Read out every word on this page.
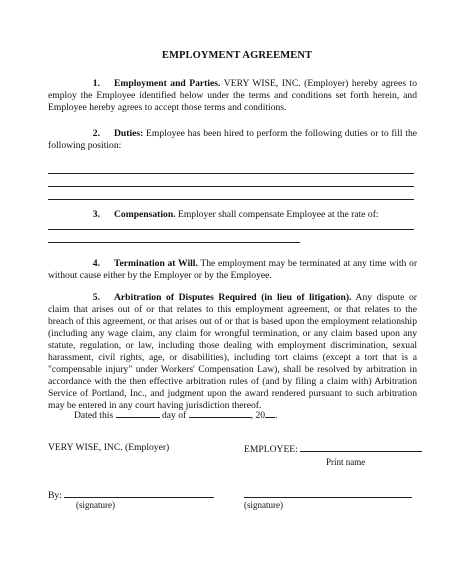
EMPLOYMENT AGREEMENT
1. Employment and Parties. VERY WISE, INC. (Employer) hereby agrees to employ the Employee identified below under the terms and conditions set forth herein, and Employee hereby agrees to accept those terms and conditions.
2. Duties: Employee has been hired to perform the following duties or to fill the following position:
3. Compensation. Employer shall compensate Employee at the rate of:
4. Termination at Will. The employment may be terminated at any time with or without cause either by the Employer or by the Employee.
5. Arbitration of Disputes Required (in lieu of litigation). Any dispute or claim that arises out of or that relates to this employment agreement, or that relates to the breach of this agreement, or that arises out of or that is based upon the employment relationship (including any wage claim, any claim for wrongful termination, or any claim based upon any statute, regulation, or law, including those dealing with employment discrimination, sexual harassment, civil rights, age, or disabilities), including tort claims (except a tort that is a "compensable injury" under Workers' Compensation Law), shall be resolved by arbitration in accordance with the then effective arbitration rules of (and by filing a claim with) Arbitration Service of Portland, Inc., and judgment upon the award rendered pursuant to such arbitration may be entered in any court having jurisdiction thereof.
Dated this	day of	, 20 .
VERY WISE, INC. (Employer)	EMPLOYEE:
Print name
By:
(signature)	(signature)
